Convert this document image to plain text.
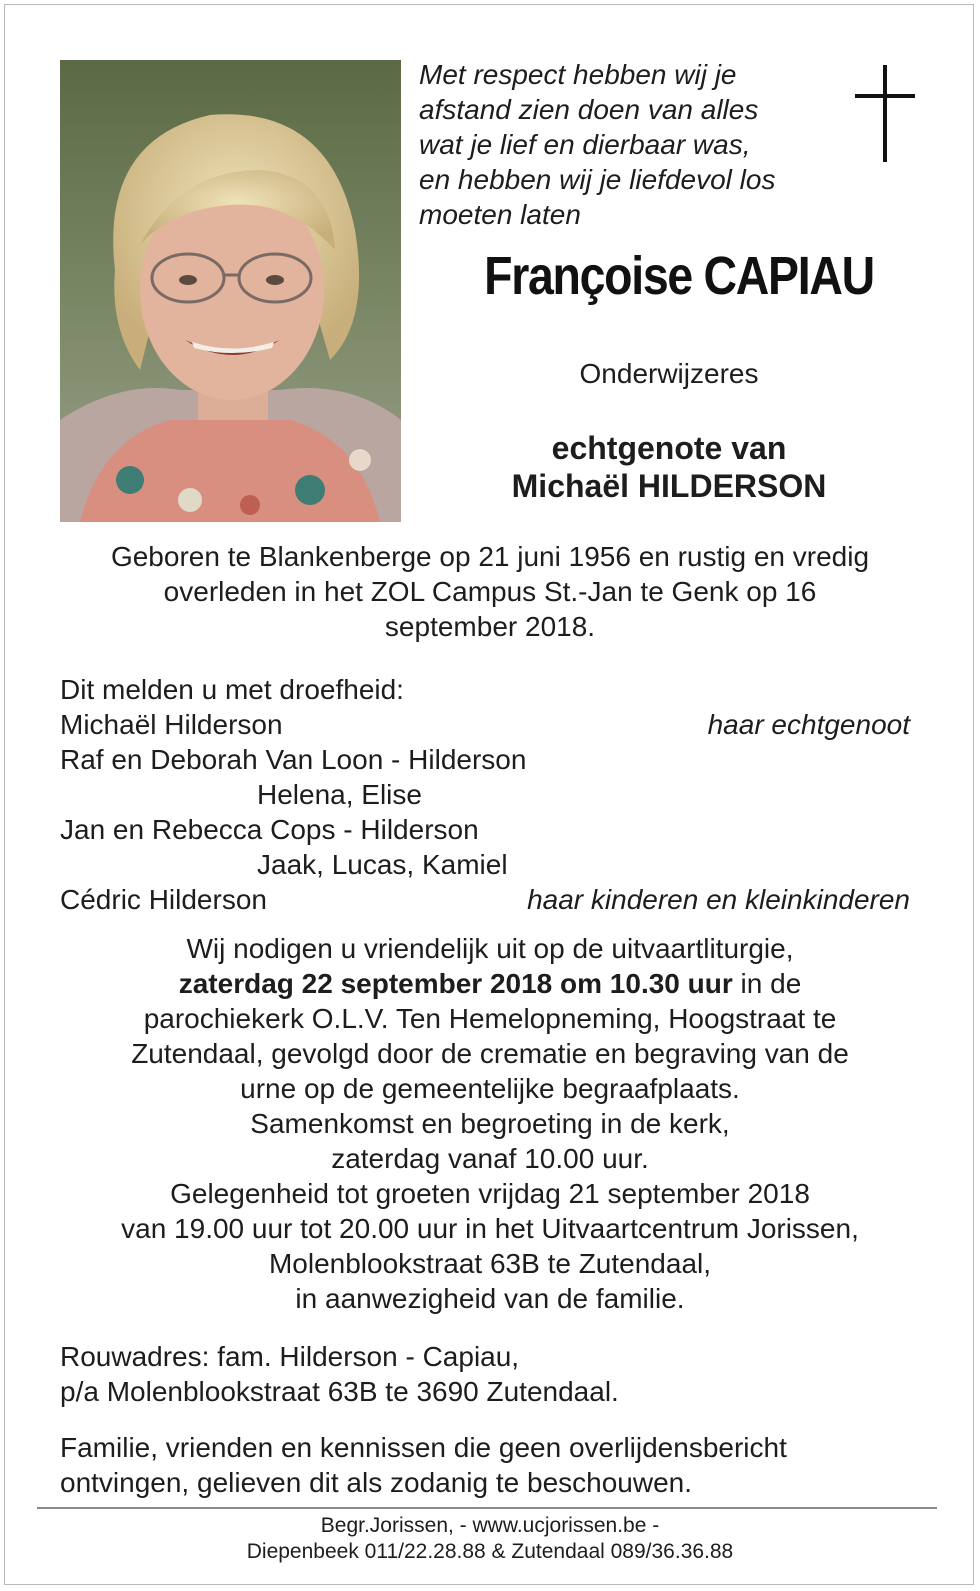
Met respect hebben wij je
afstand zien doen van alles
wat je lief en dierbaar was,
en hebben wij je liefdevol los
moeten laten
Françoise CAPIAU
Onderwijzeres
echtgenote van
Michaël HILDERSON
Geboren te Blankenberge op 21 juni 1956 en rustig en vredig
overleden in het ZOL Campus St.-Jan te Genk op 16
september 2018.
Dit melden u met droefheid:
Michaël Hilderson	haar echtgenoot
Raf en Deborah Van Loon - Hilderson
Helena, Elise
Jan en Rebecca Cops - Hilderson
Jaak, Lucas, Kamiel
Cédric Hilderson	haar kinderen en kleinkinderen
Wij nodigen u vriendelijk uit op de uitvaartliturgie,
zaterdag 22 september 2018 om 10.30 uur in de
parochiekerk O.L.V. Ten Hemelopneming, Hoogstraat te
Zutendaal, gevolgd door de crematie en begraving van de
urne op de gemeentelijke begraafplaats.
Samenkomst en begroeting in de kerk,
zaterdag vanaf 10.00 uur.
Gelegenheid tot groeten vrijdag 21 september 2018
van 19.00 uur tot 20.00 uur in het Uitvaartcentrum Jorissen,
Molenblookstraat 63B te Zutendaal,
in aanwezigheid van de familie.
Rouwadres: fam. Hilderson - Capiau,
p/a Molenblookstraat 63B te 3690 Zutendaal.
Familie, vrienden en kennissen die geen overlijdensbericht
ontvingen, gelieven dit als zodanig te beschouwen.
Begr.Jorissen, - www.ucjorissen.be -
Diepenbeek 011/22.28.88 & Zutendaal 089/36.36.88
